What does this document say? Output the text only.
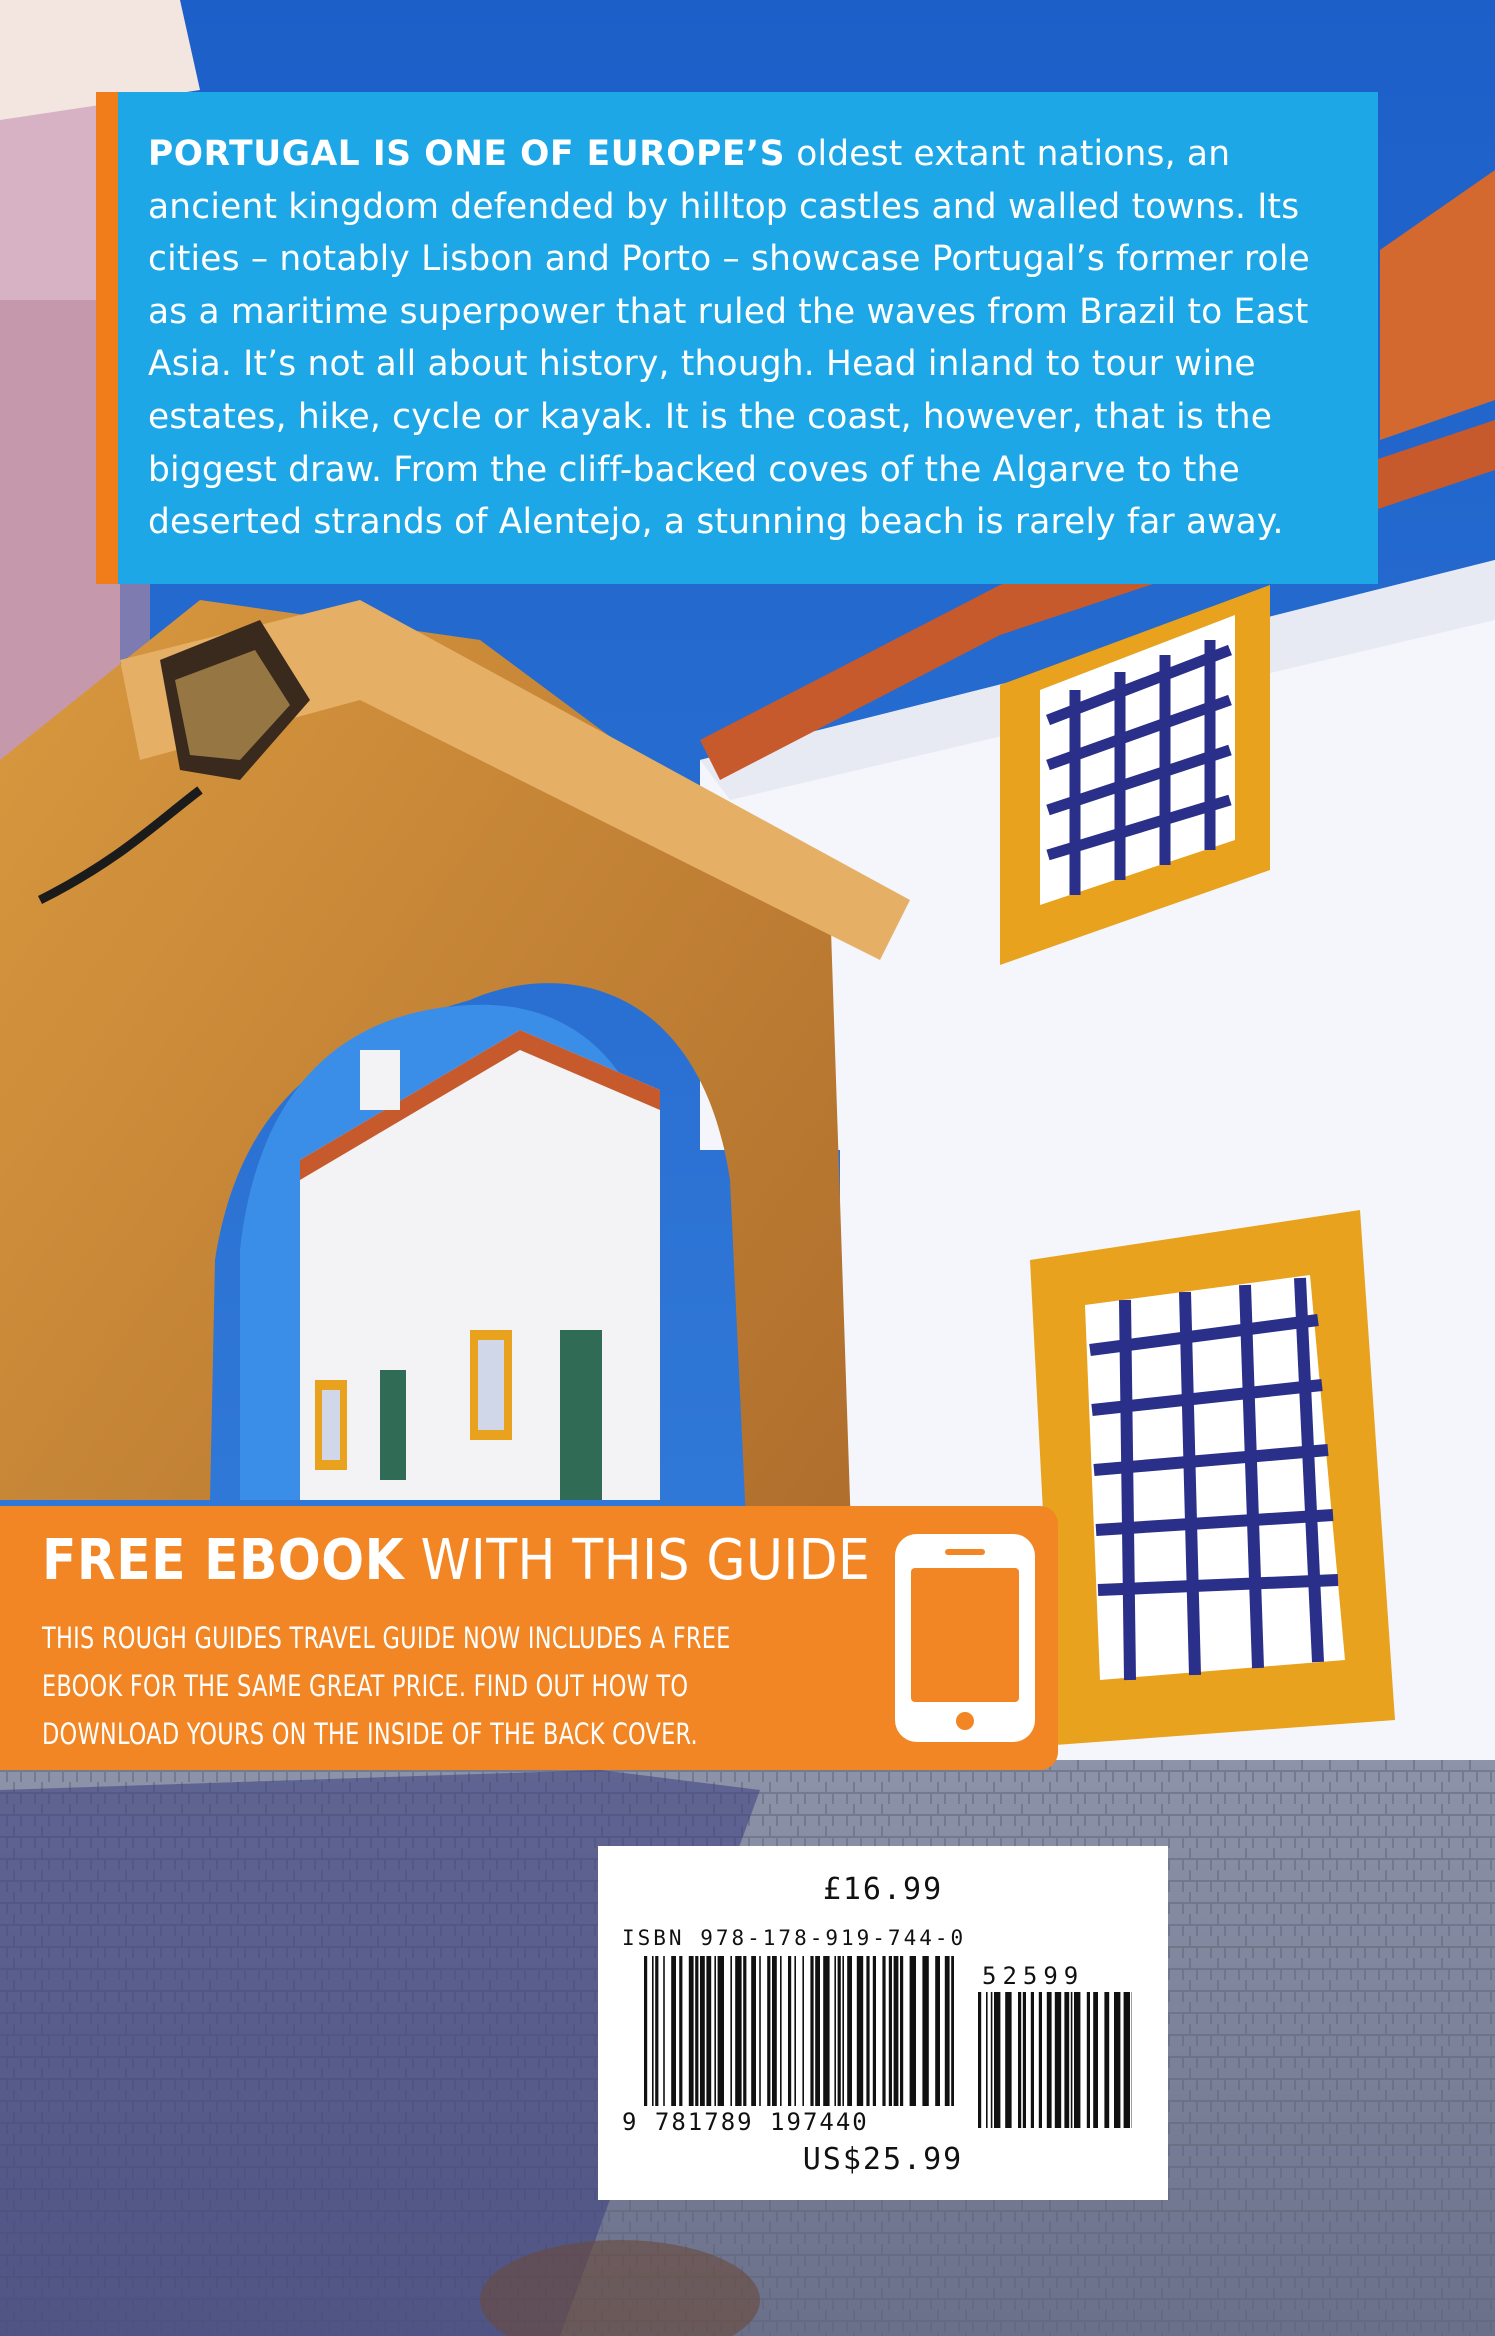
PORTUGAL IS ONE OF EUROPE’S oldest extant nations, an ancient kingdom defended by hilltop castles and walled towns. Its cities – notably Lisbon and Porto – showcase Portugal’s former role as a maritime superpower that ruled the waves from Brazil to East Asia. It’s not all about history, though. Head inland to tour wine estates, hike, cycle or kayak. It is the coast, however, that is the biggest draw. From the cliff-backed coves of the Algarve to the deserted strands of Alentejo, a stunning beach is rarely far away.
FREE EBOOK WITH THIS GUIDE
THIS ROUGH GUIDES TRAVEL GUIDE NOW INCLUDES A FREE
EBOOK FOR THE SAME GREAT PRICE. FIND OUT HOW TO
DOWNLOAD YOURS ON THE INSIDE OF THE BACK COVER.
£16.99
ISBN 978-178-919-744-0
52599
9 781789 197440
US$25.99
